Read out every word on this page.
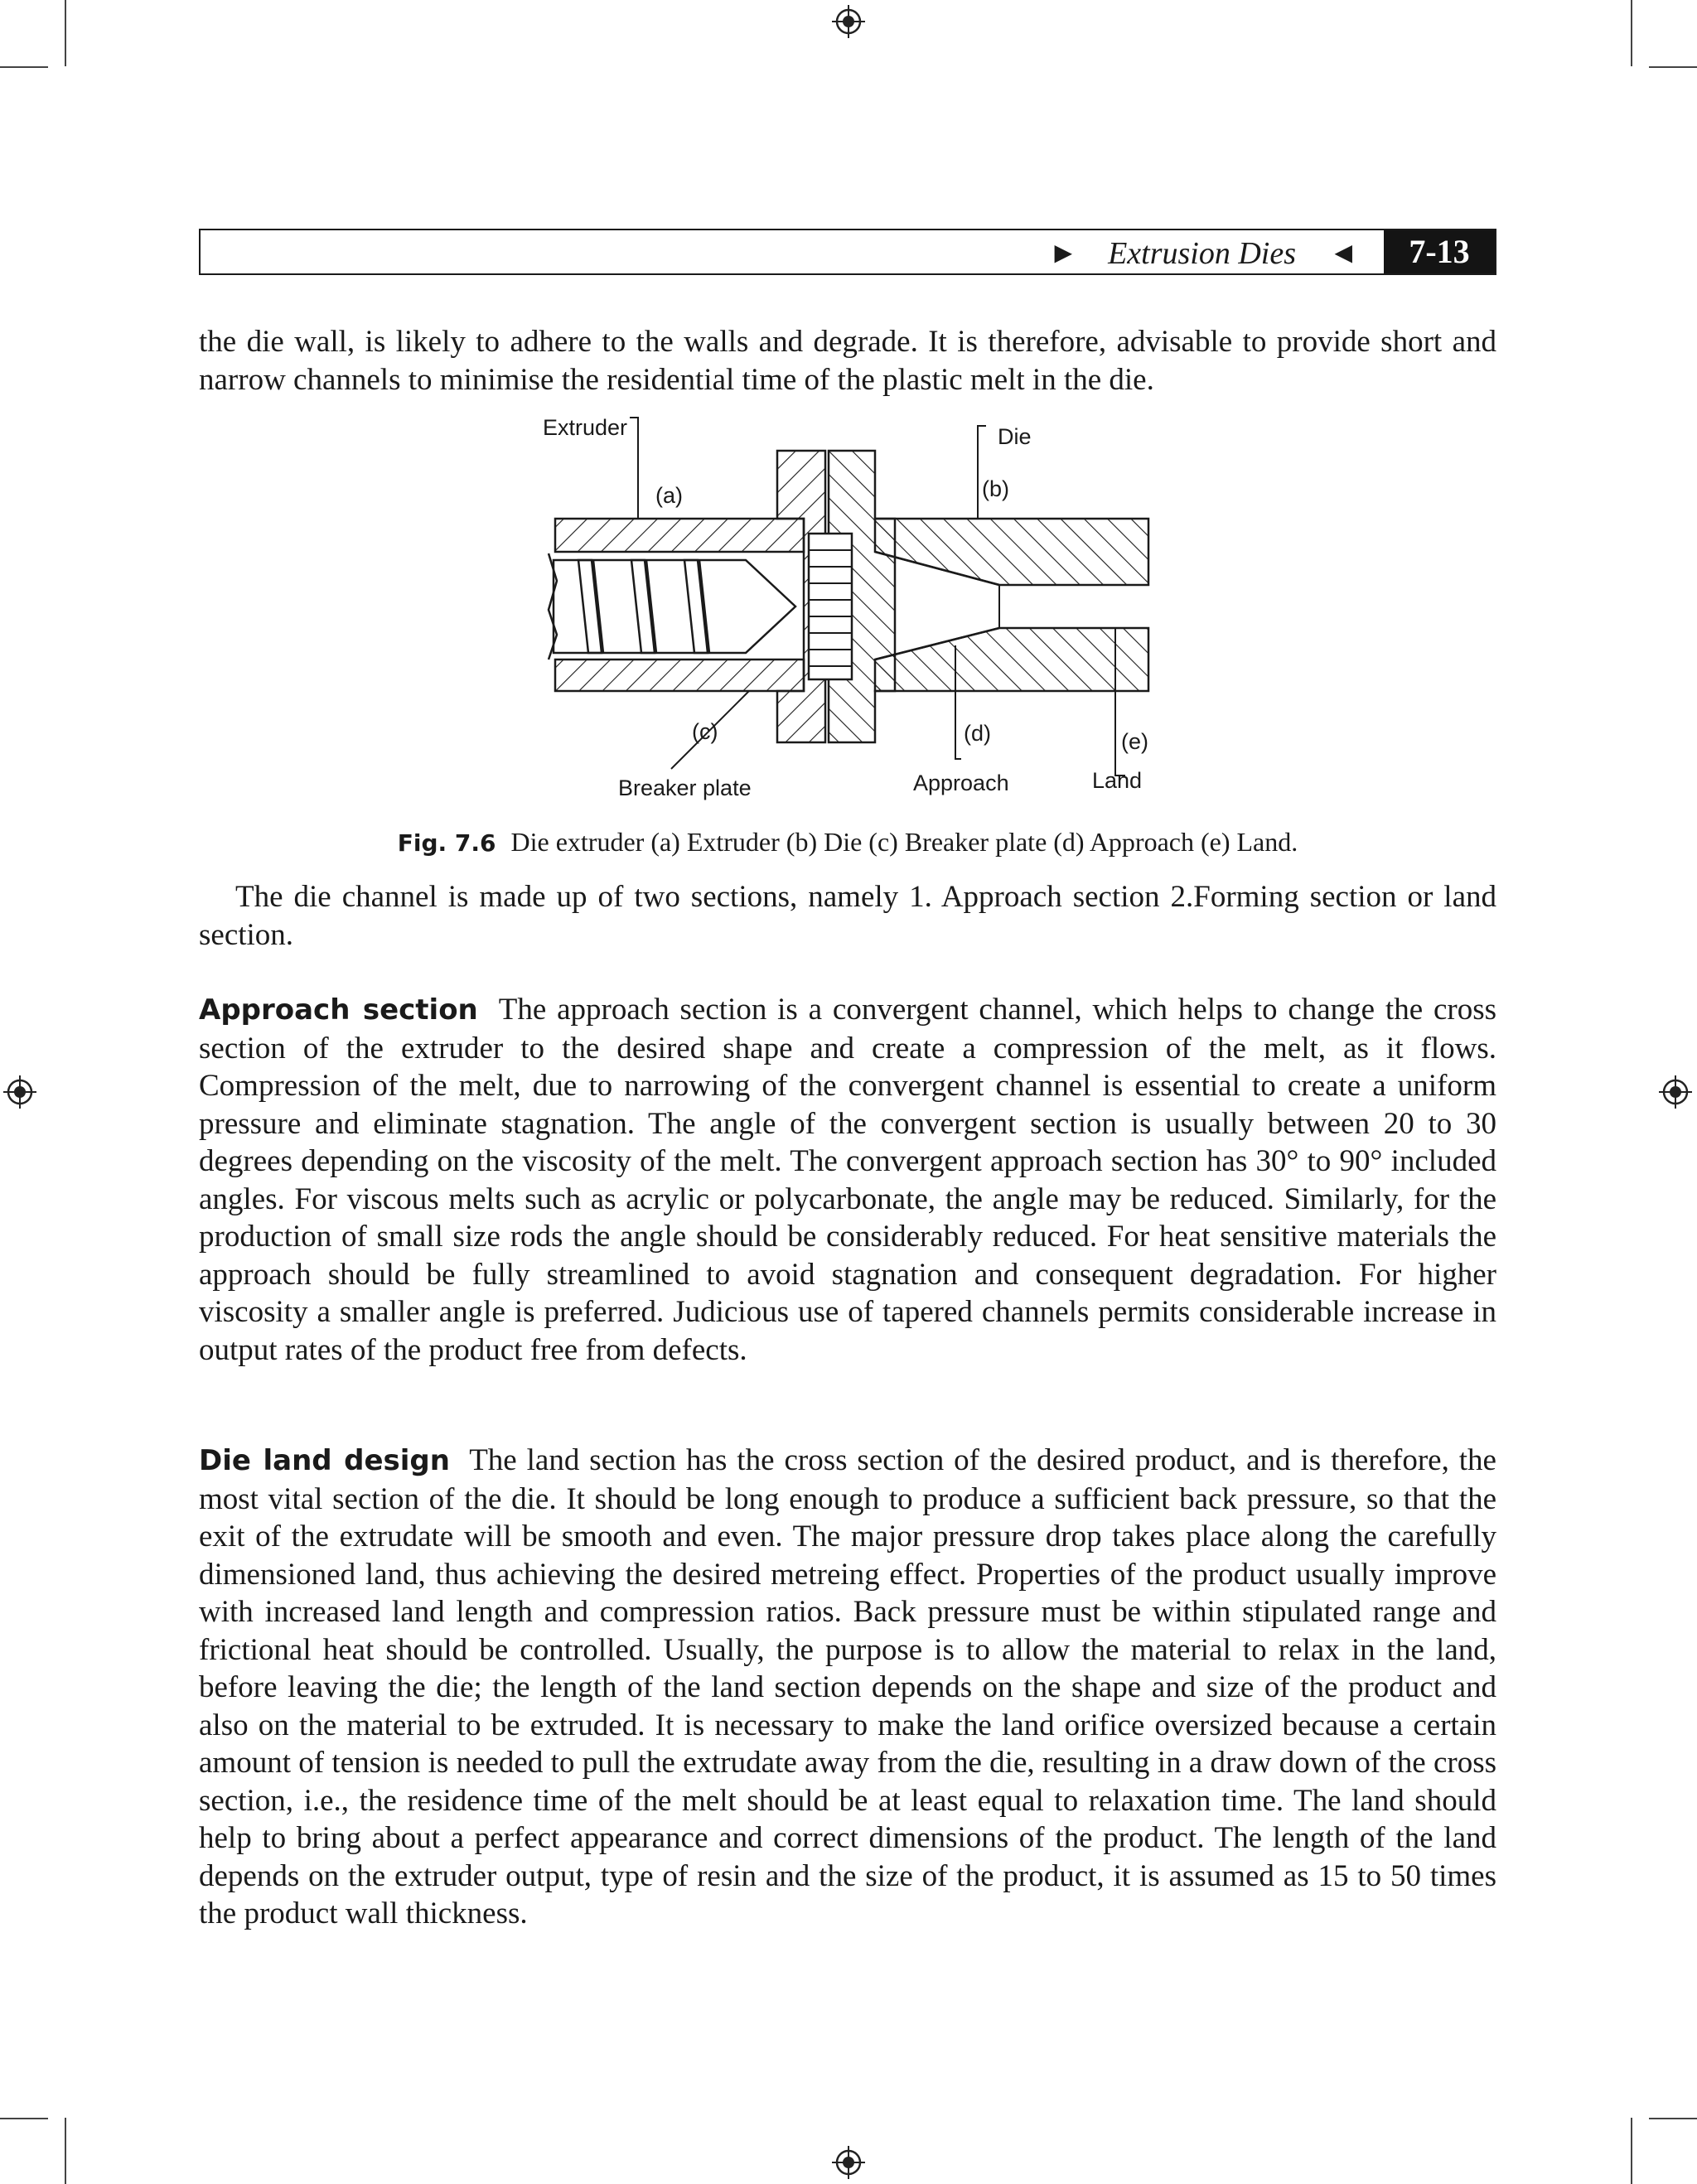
▶ Extrusion Dies ◀	7-13
the die wall, is likely to adhere to the walls and degrade. It is therefore, advisable to provide short and narrow channels to minimise the residential time of the plastic melt in the die.
Extruder
(a)
Die
(b)
(c)
Breaker plate
(d)
Approach
(e)
Land
Fig. 7.6 Die extruder (a) Extruder (b) Die (c) Breaker plate (d) Approach (e) Land.
The die channel is made up of two sections, namely 1. Approach section 2.Forming section or land section.
Approach section The approach section is a convergent channel, which helps to change the cross section of the extruder to the desired shape and create a compression of the melt, as it flows. Compression of the melt, due to narrowing of the convergent channel is essential to create a uniform pressure and eliminate stagnation. The angle of the convergent section is usually between 20 to 30 degrees depending on the viscosity of the melt. The convergent approach section has 30° to 90° included angles. For viscous melts such as acrylic or polycarbonate, the angle may be reduced. Similarly, for the production of small size rods the angle should be considerably reduced. For heat sensitive materials the approach should be fully streamlined to avoid stagnation and consequent degradation. For higher viscosity a smaller angle is preferred. Judicious use of tapered channels permits considerable increase in output rates of the product free from defects.
Die land design The land section has the cross section of the desired product, and is therefore, the most vital section of the die. It should be long enough to produce a sufficient back pressure, so that the exit of the extrudate will be smooth and even. The major pressure drop takes place along the carefully dimensioned land, thus achieving the desired metreing effect. Properties of the product usually improve with increased land length and compression ratios. Back pressure must be within stipulated range and frictional heat should be controlled. Usually, the purpose is to allow the material to relax in the land, before leaving the die; the length of the land section depends on the shape and size of the product and also on the material to be extruded. It is necessary to make the land orifice oversized because a certain amount of tension is needed to pull the extrudate away from the die, resulting in a draw down of the cross section, i.e., the residence time of the melt should be at least equal to relaxation time. The land should help to bring about a perfect appearance and correct dimensions of the product. The length of the land depends on the extruder output, type of resin and the size of the product, it is assumed as 15 to 50 times the product wall thickness.
